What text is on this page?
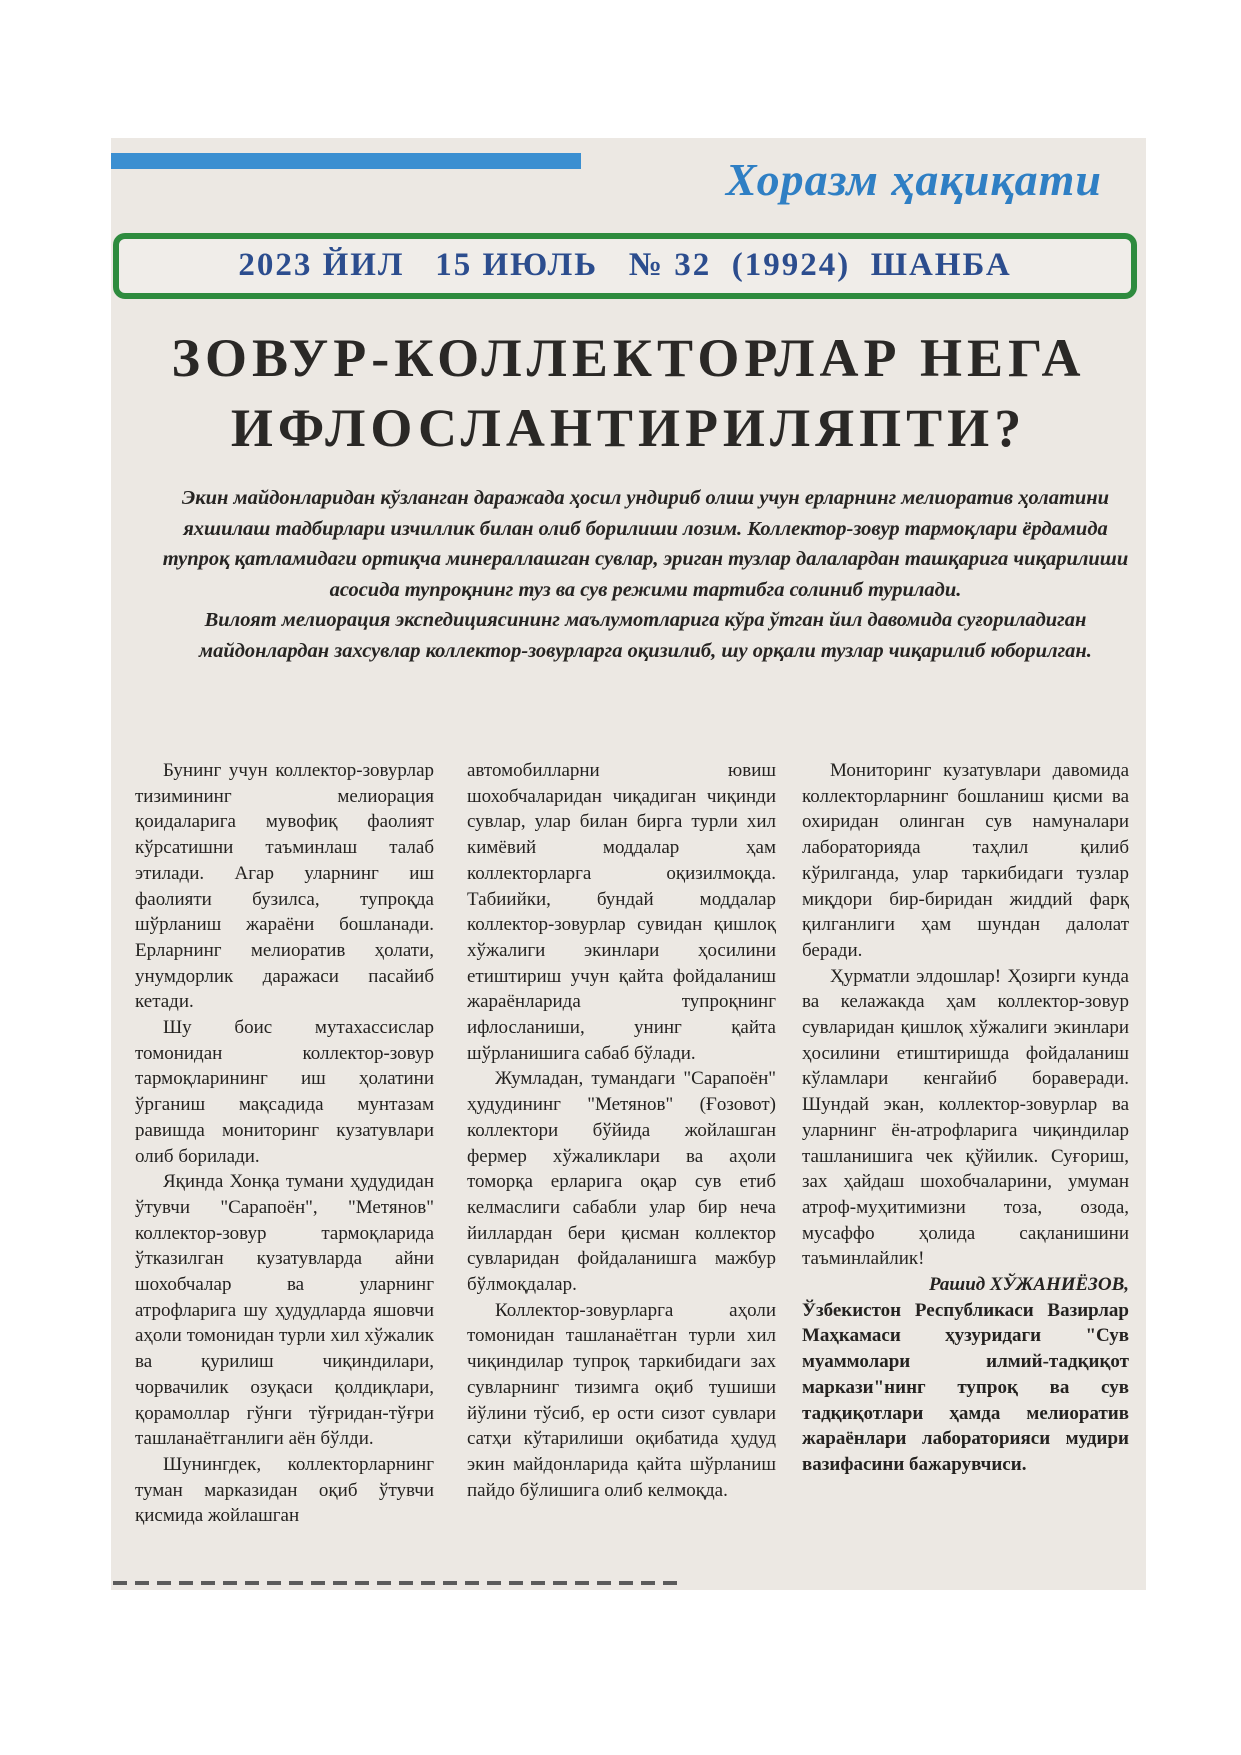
Хоразм ҳақиқати
2023 ЙИЛ   15 ИЮЛЬ   № 32  (19924)  ШАНБА
ЗОВУР-КОЛЛЕКТОРЛАР НЕГА
ИФЛОСЛАНТИРИЛЯПТИ?

Экин майдонларидан кўзланган даражада ҳосил ундириб олиш учун ерларнинг мелиоратив ҳолатини яхшилаш тадбирлари изчиллик билан олиб борилиши лозим. Коллектор-зовур тармоқлари ёрдамида тупроқ қатламидаги ортиқча минераллашган сувлар, эриган тузлар далалардан ташқарига чиқарилиши асосида тупроқнинг туз ва сув режими тартибга солиниб турилади.

Вилоят мелиорация экспедициясининг маълумотларига кўра ўтган йил давомида суғориладиган майдонлардан захсувлар коллектор-зовурларга оқизилиб, шу орқали тузлар чиқарилиб юборилган.

Бунинг учун коллектор-зовурлар тизимининг мелиорация қоидаларига мувофиқ фаолият кўрсатишни таъминлаш талаб этилади. Агар уларнинг иш фаолияти бузилса, тупроқда шўрланиш жараёни бошланади. Ерларнинг мелиоратив ҳолати, унумдорлик даражаси пасайиб кетади.

Шу боис мутахассислар томонидан коллектор-зовур тармоқларининг иш ҳолатини ўрганиш мақсадида мунтазам равишда мониторинг кузатувлари олиб борилади.

Яқинда Хонқа тумани ҳудудидан ўтувчи "Сарапоён", "Метянов" коллектор-зовур тармоқларида ўтказилган кузатувларда айни шохобчалар ва уларнинг атрофларига шу ҳудудларда яшовчи аҳоли томонидан турли хил хўжалик ва қурилиш чиқиндилари, чорвачилик озуқаси қолдиқлари, қорамоллар гўнги тўғридан-тўғри ташланаётганлиги аён бўлди.

Шунингдек, коллекторларнинг туман марказидан оқиб ўтувчи қисмида жойлашган

автомобилларни ювиш шохобчаларидан чиқадиган чиқинди сувлар, улар билан бирга турли хил кимёвий моддалар ҳам коллекторларга оқизилмоқда. Табиийки, бундай моддалар коллектор-зовурлар сувидан қишлоқ хўжалиги экинлари ҳосилини етиштириш учун қайта фойдаланиш жараёнларида тупроқнинг ифлосланиши, унинг қайта шўрланишига сабаб бўлади.

Жумладан, тумандаги "Сарапоён" ҳудудининг "Метянов" (Ғозовот) коллектори бўйида жойлашган фермер хўжаликлари ва аҳоли томорқа ерларига оқар сув етиб келмаслиги сабабли улар бир неча йиллардан бери қисман коллектор сувларидан фойдаланишга мажбур бўлмоқдалар.

Коллектор-зовурларга аҳоли томонидан ташланаётган турли хил чиқиндилар тупроқ таркибидаги зах сувларнинг тизимга оқиб тушиши йўлини тўсиб, ер ости сизот сувлари сатҳи кўтарилиши оқибатида ҳудуд экин майдонларида қайта шўрланиш пайдо бўлишига олиб келмоқда.

Мониторинг кузатувлари давомида коллекторларнинг бошланиш қисми ва охиридан олинган сув намуналари лабораторияда таҳлил қилиб кўрилганда, улар таркибидаги тузлар миқдори бир-биридан жиддий фарқ қилганлиги ҳам шундан далолат беради.

Ҳурматли элдошлар! Ҳозирги кунда ва келажакда ҳам коллектор-зовур сувларидан қишлоқ хўжалиги экинлари ҳосилини етиштиришда фойдаланиш кўламлари кенгайиб бораверади. Шундай экан, коллектор-зовурлар ва уларнинг ён-атрофларига чиқиндилар ташланишига чек қўйилик. Суғориш, зах ҳайдаш шохобчаларини, умуман атроф-муҳитимизни тоза, озода, мусаффо ҳолида сақланишини таъминлайлик!

Рашид ХЎЖАНИЁЗОВ,
Ўзбекистон Республикаси Вазирлар Маҳкамаси ҳузуридаги "Сув муаммолари илмий-тадқиқот маркази"нинг тупроқ ва сув тадқиқотлари ҳамда мелиоратив жараёнлари лабораторияси мудири вазифасини бажарувчиси.
